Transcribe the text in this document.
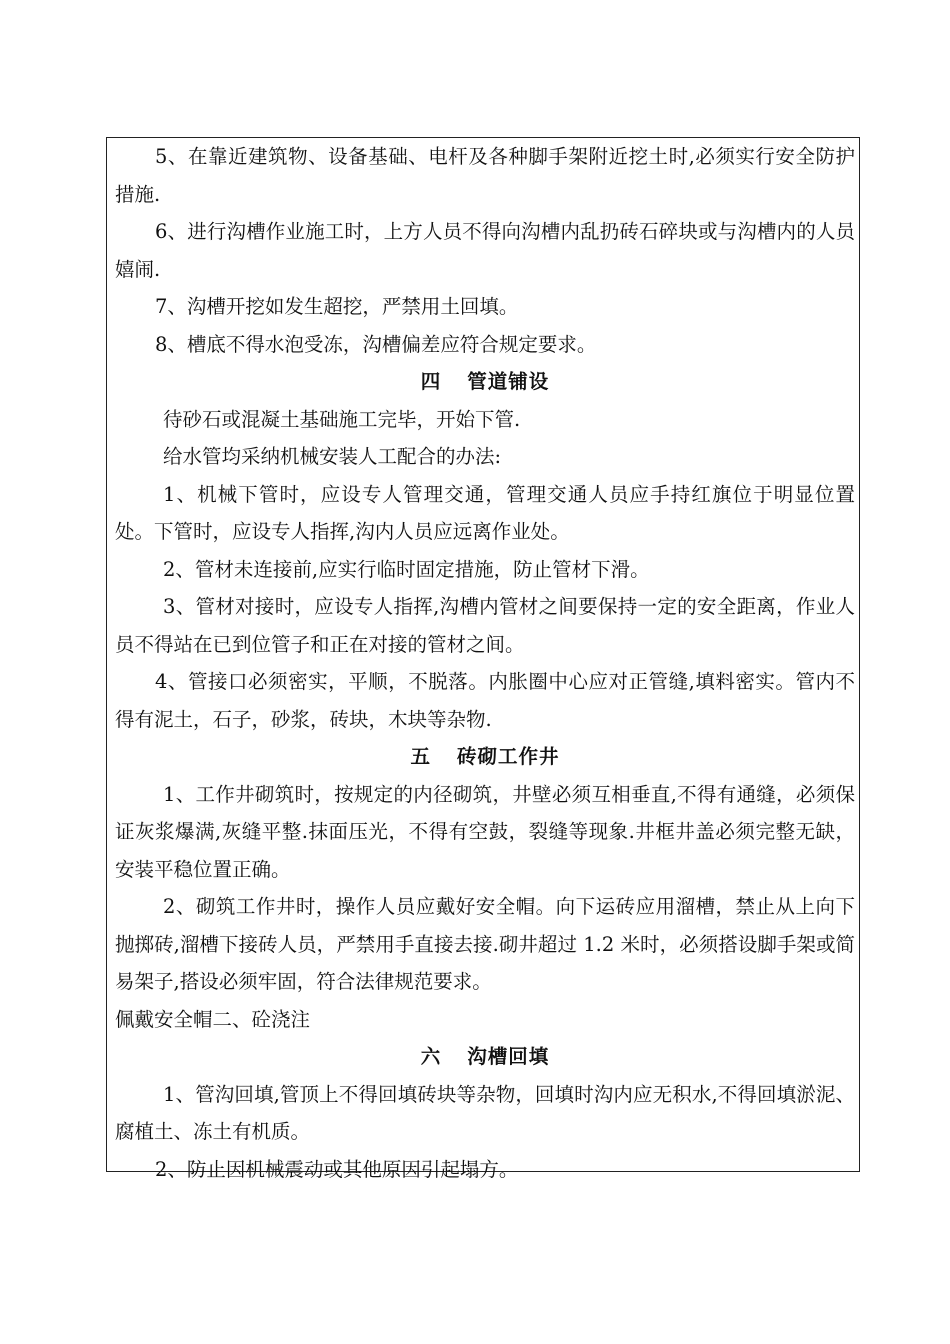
5、在靠近建筑物、设备基础、电杆及各种脚手架附近挖土时,必须实行安全防护措施.

6、进行沟槽作业施工时，上方人员不得向沟槽内乱扔砖石碎块或与沟槽内的人员嬉闹.

7、沟槽开挖如发生超挖，严禁用土回填。

8、槽底不得水泡受冻，沟槽偏差应符合规定要求。

四 管道铺设

待砂石或混凝土基础施工完毕，开始下管.

给水管均采纳机械安装人工配合的办法:

1、机械下管时，应设专人管理交通，管理交通人员应手持红旗位于明显位置处。下管时，应设专人指挥,沟内人员应远离作业处。

2、管材未连接前,应实行临时固定措施，防止管材下滑。

3、管材对接时，应设专人指挥,沟槽内管材之间要保持一定的安全距离，作业人员不得站在已到位管子和正在对接的管材之间。

4、管接口必须密实，平顺，不脱落。内胀圈中心应对正管缝,填料密实。管内不得有泥土，石子，砂浆，砖块，木块等杂物.

五 砖砌工作井

1、工作井砌筑时，按规定的内径砌筑，井壁必须互相垂直,不得有通缝，必须保证灰浆爆满,灰缝平整.抹面压光，不得有空鼓，裂缝等现象.井框井盖必须完整无缺，安装平稳位置正确。

2、砌筑工作井时，操作人员应戴好安全帽。向下运砖应用溜槽，禁止从上向下抛掷砖,溜槽下接砖人员，严禁用手直接去接.砌井超过 1.2 米时，必须搭设脚手架或简易架子,搭设必须牢固，符合法律规范要求。

佩戴安全帽二、砼浇注

六 沟槽回填

1、管沟回填,管顶上不得回填砖块等杂物，回填时沟内应无积水,不得回填淤泥、腐植土、冻土有机质。

2、防止因机械震动或其他原因引起塌方。
